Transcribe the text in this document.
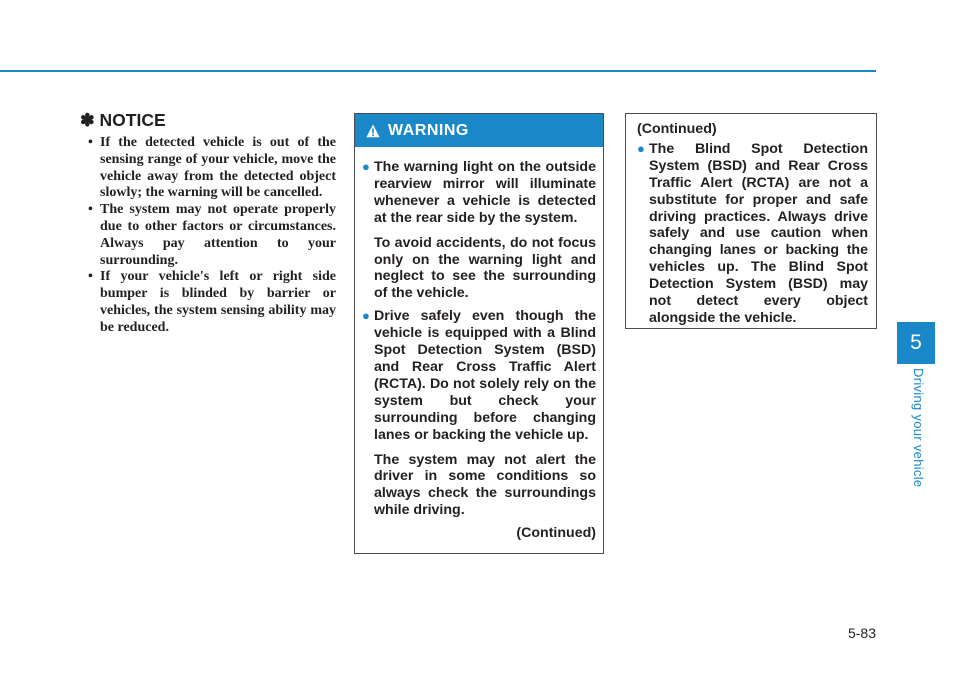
✽ NOTICE
• If the detected vehicle is out of the sensing range of your vehicle, move the vehicle away from the detected object slowly; the warning will be cancelled.
• The system may not operate properly due to other factors or circumstances. Always pay attention to your surrounding.
• If your vehicle's left or right side bumper is blinded by barrier or vehicles, the system sensing ability may be reduced.
WARNING

● The warning light on the outside rearview mirror will illuminate whenever a vehicle is detected at the rear side by the system.

To avoid accidents, do not focus only on the warning light and neglect to see the surrounding of the vehicle.

● Drive safely even though the vehicle is equipped with a Blind Spot Detection System (BSD) and Rear Cross Traffic Alert (RCTA). Do not solely rely on the system but check your surrounding before changing lanes or backing the vehicle up.

The system may not alert the driver in some conditions so always check the surroundings while driving.

(Continued)

(Continued)

● The Blind Spot Detection System (BSD) and Rear Cross Traffic Alert (RCTA) are not a substitute for proper and safe driving practices. Always drive safely and use caution when changing lanes or backing the vehicles up. The Blind Spot Detection System (BSD) may not detect every object alongside the vehicle.

5
Driving your vehicle
5-83
